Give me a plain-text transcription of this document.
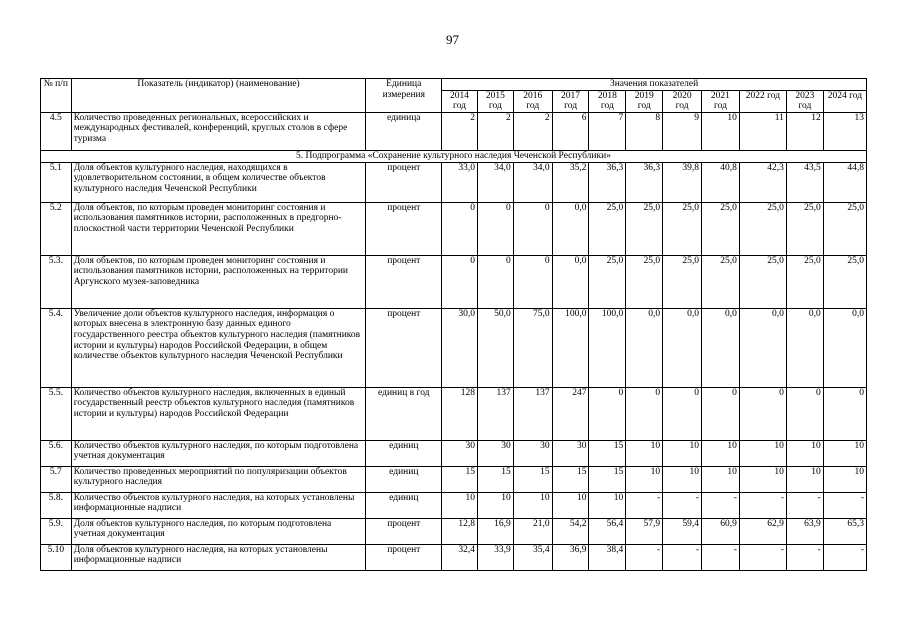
97
№ п/п	Показатель (индикатор) (наименование)	Единица измерения	Значения показателей										
			2014 год	2015 год	2016 год	2017 год	2018 год	2019 год	2020 год	2021 год	2022 год	2023 год	2024 год
4.5	Количество проведенных региональных, всероссийских и международных фестивалей, конференций, круглых столов в сфере туризма	единица	2	2	2	6	7	8	9	10	11	12	13
5. Подпрограмма «Сохранение культурного наследия Чеченской Республики»													
5.1	Доля объектов культурного наследия, находящихся в удовлетворительном состоянии, в общем количестве объектов культурного наследия Чеченской Республики	процент	33,0	34,0	34,0	35,2	36,3	36,3	39,8	40,8	42,3	43,5	44,8
5.2	Доля объектов, по которым проведен мониторинг состояния и использования памятников истории, расположенных в предгорно-плоскостной части территории Чеченской Республики	процент	0	0	0	0,0	25,0	25,0	25,0	25,0	25,0	25,0	25,0
5.3.	Доля объектов, по которым проведен мониторинг состояния и использования памятников истории, расположенных на территории Аргунского музея-заповедника	процент	0	0	0	0,0	25,0	25,0	25,0	25,0	25,0	25,0	25,0
5.4.	Увеличение доли объектов культурного наследия, информация о которых внесена в электронную базу данных единого государственного реестра объектов культурного наследия (памятников истории и культуры) народов Российской Федерации, в общем количестве объектов культурного наследия Чеченской Республики	процент	30,0	50,0	75,0	100,0	100,0	0,0	0,0	0,0	0,0	0,0	0,0
5.5.	Количество объектов культурного наследия, включенных в единый государственный реестр объектов культурного наследия (памятников истории и культуры) народов Российской Федерации	единиц в год	128	137	137	247	0	0	0	0	0	0	0
5.6.	Количество объектов культурного наследия, по которым подготовлена учетная документация	единиц	30	30	30	30	15	10	10	10	10	10	10
5.7	Количество проведенных мероприятий по популяризации объектов культурного наследия	единиц	15	15	15	15	15	10	10	10	10	10	10
5.8.	Количество объектов культурного наследия, на которых установлены информационные надписи	единиц	10	10	10	10	10	-	-	-	-	-	-
5.9.	Доля объектов культурного наследия, по которым подготовлена учетная документация	процент	12,8	16,9	21,0	54,2	56,4	57,9	59,4	60,9	62,9	63,9	65,3
5.10	Доля объектов культурного наследия, на которых установлены информационные надписи	процент	32,4	33,9	35,4	36,9	38,4	-	-	-	-	-	-
